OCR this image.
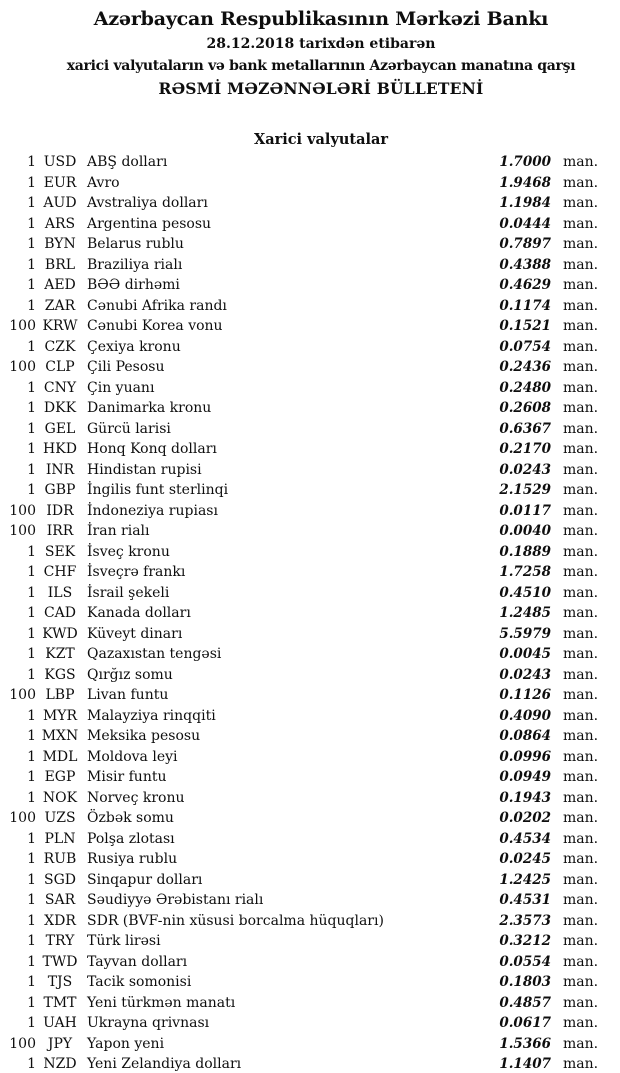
Azərbaycan Respublikasının Mərkəzi Bankı
28.12.2018 tarixdən etibarən
xarici valyutaların və bank metallarının Azərbaycan manatına qarşı
RƏSMİ MƏZƏNNƏLƏRİ BÜLLETENİ
Xarici valyutalar
1 USD ABŞ dolları	1.7000 man.
1 EUR Avro	1.9468 man.
1 AUD Avstraliya dolları	1.1984 man.
1 ARS Argentina pesosu	0.0444 man.
1 BYN Belarus rublu	0.7897 man.
1 BRL Braziliya rialı	0.4388 man.
1 AED BƏƏ dirhəmi	0.4629 man.
1 ZAR Cənubi Afrika randı	0.1174 man.
100 KRW Cənubi Korea vonu	0.1521 man.
1 CZK Çexiya kronu	0.0754 man.
100 CLP Çili Pesosu	0.2436 man.
1 CNY Çin yuanı	0.2480 man.
1 DKK Danimarka kronu	0.2608 man.
1 GEL Gürcü larisi	0.6367 man.
1 HKD Honq Konq dolları	0.2170 man.
1 INR Hindistan rupisi	0.0243 man.
1 GBP İngilis funt sterlinqi	2.1529 man.
100 IDR İndoneziya rupiası	0.0117 man.
100 IRR İran rialı	0.0040 man.
1 SEK İsveç kronu	0.1889 man.
1 CHF İsveçrə frankı	1.7258 man.
1 ILS	İsrail şekeli	0.4510 man.
1 CAD Kanada dolları	1.2485 man.
1 KWD Küveyt dinarı	5.5979 man.
1 KZT Qazaxıstan tengəsi	0.0045 man.
1 KGS Qırğız somu	0.0243 man.
100 LBP Livan funtu	0.1126 man.
1 MYR Malayziya rinqqiti	0.4090 man.
1 MXN Meksika pesosu	0.0864 man.
1 MDL Moldova leyi	0.0996 man.
1 EGP Misir funtu	0.0949 man.
1 NOK Norveç kronu	0.1943 man.
100 UZS Özbək somu	0.0202 man.
1 PLN Polşa zlotası	0.4534 man.
1 RUB Rusiya rublu	0.0245 man.
1 SGD Sinqapur dolları	1.2425 man.
1 SAR Səudiyyə Ərəbistanı rialı	0.4531 man.
1 XDR SDR (BVF-nin xüsusi borcalma hüquqları)	2.3573 man.
1 TRY Türk lirəsi	0.3212 man.
1 TWD Tayvan dolları	0.0554 man.
1 TJS	Tacik somonisi	0.1803 man.
1 TMT Yeni türkmən manatı	0.4857 man.
1 UAH Ukrayna qrivnası	0.0617 man.
100 JPY	Yapon yeni	1.5366 man.
1 NZD Yeni Zelandiya dolları	1.1407 man.
